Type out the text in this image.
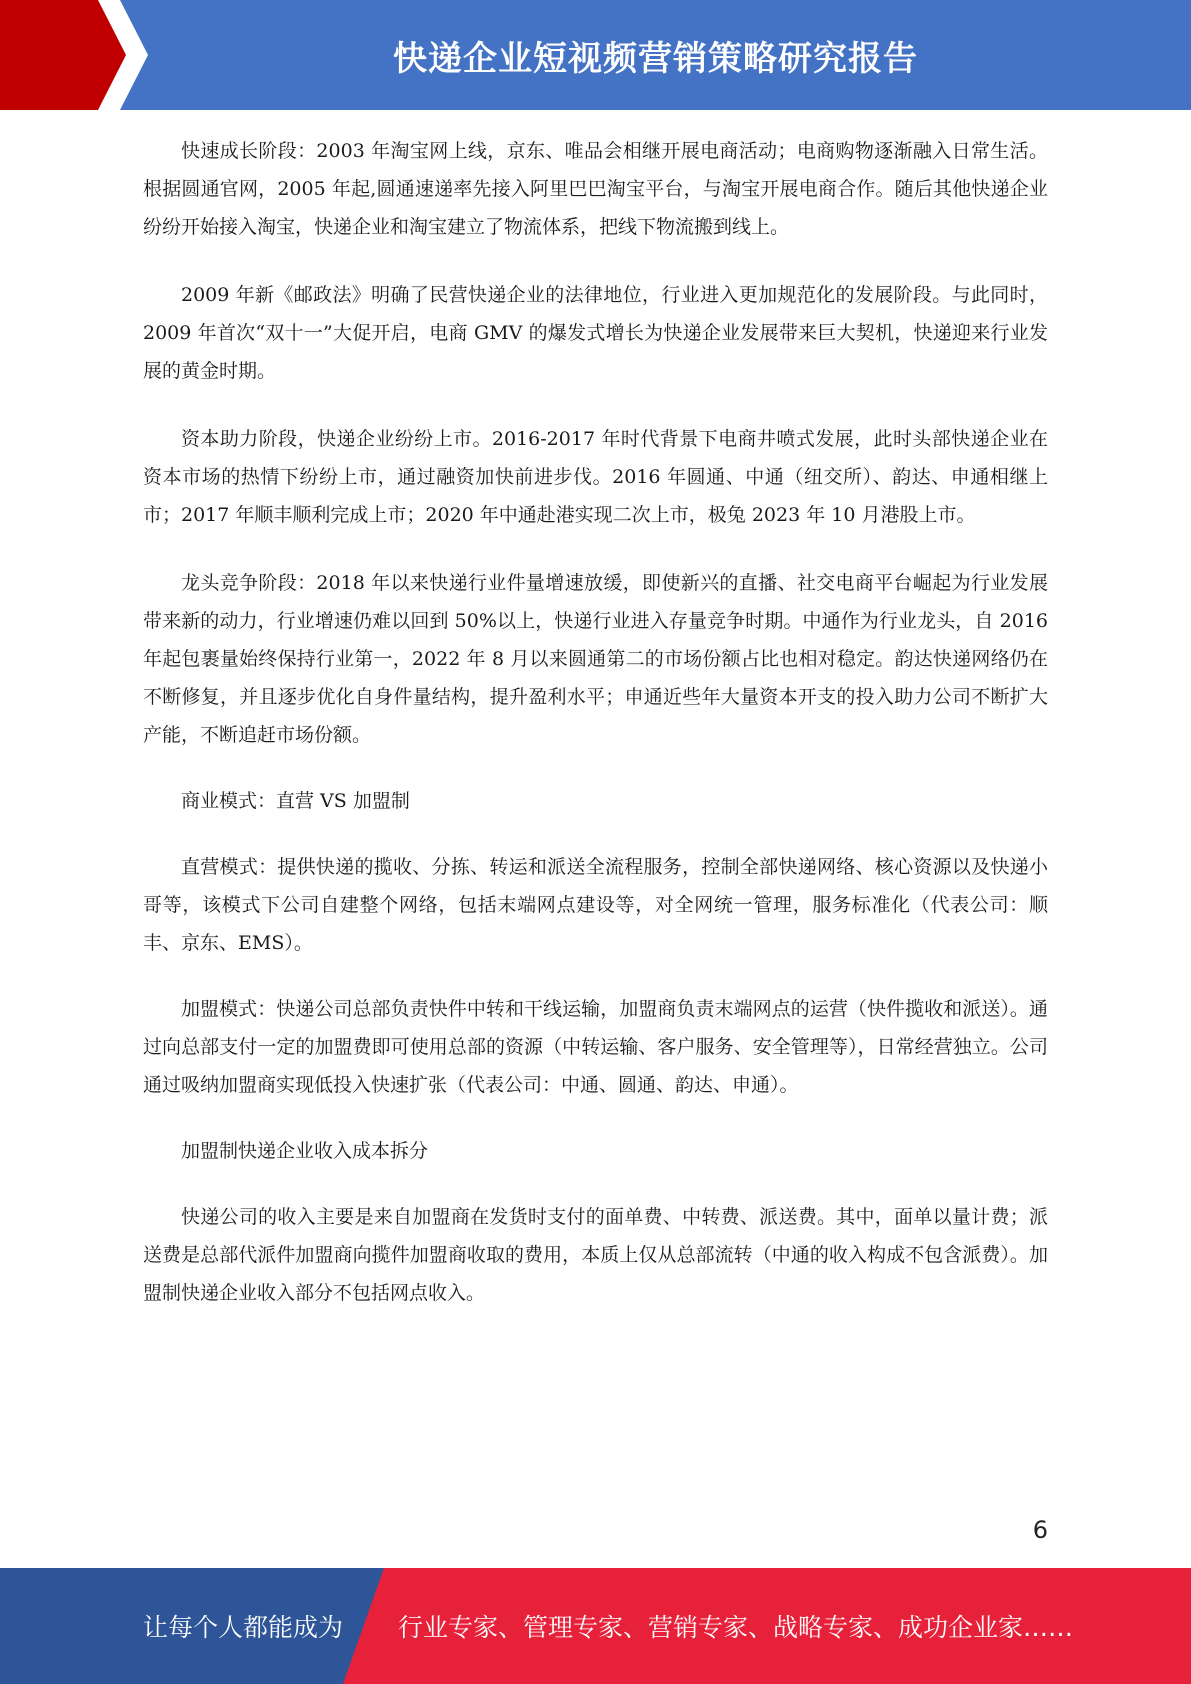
快递企业短视频营销策略研究报告

快速成长阶段：2003 年淘宝网上线，京东、唯品会相继开展电商活动；电商购物逐渐融入日常生活。根据圆通官网，2005 年起,圆通速递率先接入阿里巴巴淘宝平台，与淘宝开展电商合作。随后其他快递企业纷纷开始接入淘宝，快递企业和淘宝建立了物流体系，把线下物流搬到线上。

2009 年新《邮政法》明确了民营快递企业的法律地位，行业进入更加规范化的发展阶段。与此同时，2009 年首次“双十一”大促开启，电商 GMV 的爆发式增长为快递企业发展带来巨大契机，快递迎来行业发展的黄金时期。

资本助力阶段，快递企业纷纷上市。2016-2017 年时代背景下电商井喷式发展，此时头部快递企业在资本市场的热情下纷纷上市，通过融资加快前进步伐。2016 年圆通、中通（纽交所）、韵达、申通相继上市；2017 年顺丰顺利完成上市；2020 年中通赴港实现二次上市，极兔 2023 年 10 月港股上市。

龙头竞争阶段：2018 年以来快递行业件量增速放缓，即使新兴的直播、社交电商平台崛起为行业发展带来新的动力，行业增速仍难以回到 50%以上，快递行业进入存量竞争时期。中通作为行业龙头，自 2016 年起包裹量始终保持行业第一，2022 年 8 月以来圆通第二的市场份额占比也相对稳定。韵达快递网络仍在不断修复，并且逐步优化自身件量结构，提升盈利水平；申通近些年大量资本开支的投入助力公司不断扩大产能，不断追赶市场份额。

商业模式：直营 VS 加盟制

直营模式：提供快递的揽收、分拣、转运和派送全流程服务，控制全部快递网络、核心资源以及快递小哥等，该模式下公司自建整个网络，包括末端网点建设等，对全网统一管理，服务标准化（代表公司：顺丰、京东、EMS）。

加盟模式：快递公司总部负责快件中转和干线运输，加盟商负责末端网点的运营（快件揽收和派送）。通过向总部支付一定的加盟费即可使用总部的资源（中转运输、客户服务、安全管理等），日常经营独立。公司通过吸纳加盟商实现低投入快速扩张（代表公司：中通、圆通、韵达、申通）。

加盟制快递企业收入成本拆分

快递公司的收入主要是来自加盟商在发货时支付的面单费、中转费、派送费。其中，面单以量计费；派送费是总部代派件加盟商向揽件加盟商收取的费用，本质上仅从总部流转（中通的收入构成不包含派费）。加盟制快递企业收入部分不包括网点收入。

6
让每个人都能成为 行业专家、管理专家、营销专家、战略专家、成功企业家……
